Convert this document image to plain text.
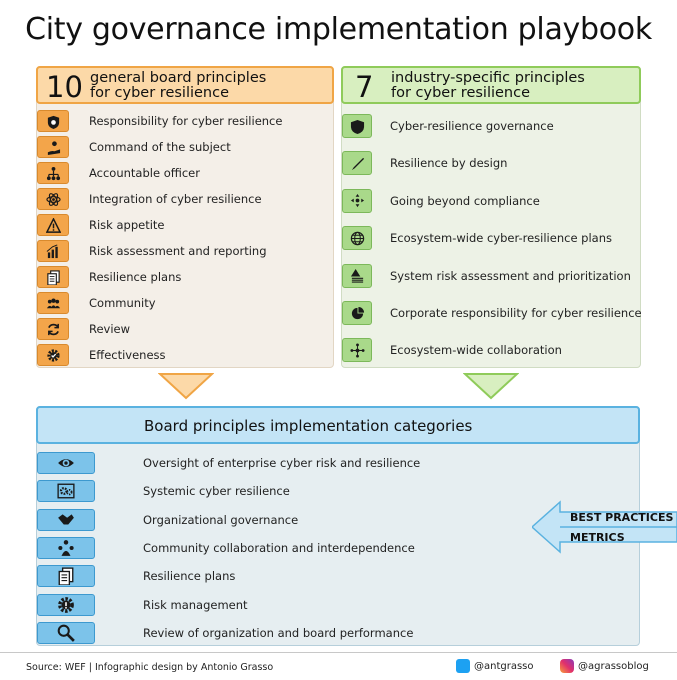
City governance implementation playbook
10 general board principles
for cyber resilience
Responsibility for cyber resilience
Command of the subject
Accountable officer
Integration of cyber resilience
Risk appetite
Risk assessment and reporting
Resilience plans
Community
Review
Effectiveness
7 industry-specific principles
for cyber resilience
Cyber-resilience governance
Resilience by design
Going beyond compliance
Ecosystem-wide cyber-resilience plans
System risk assessment and prioritization
Corporate responsibility for cyber resilience
Ecosystem-wide collaboration
Board principles implementation categories
Oversight of enterprise cyber risk and resilience
Systemic cyber resilience
Organizational governance
Community collaboration and interdependence
Resilience plans
Risk management
Review of organization and board performance
BEST PRACTICES
METRICS
Source: WEF | Infographic design by Antonio Grasso	@antgrasso	@agrassoblog
